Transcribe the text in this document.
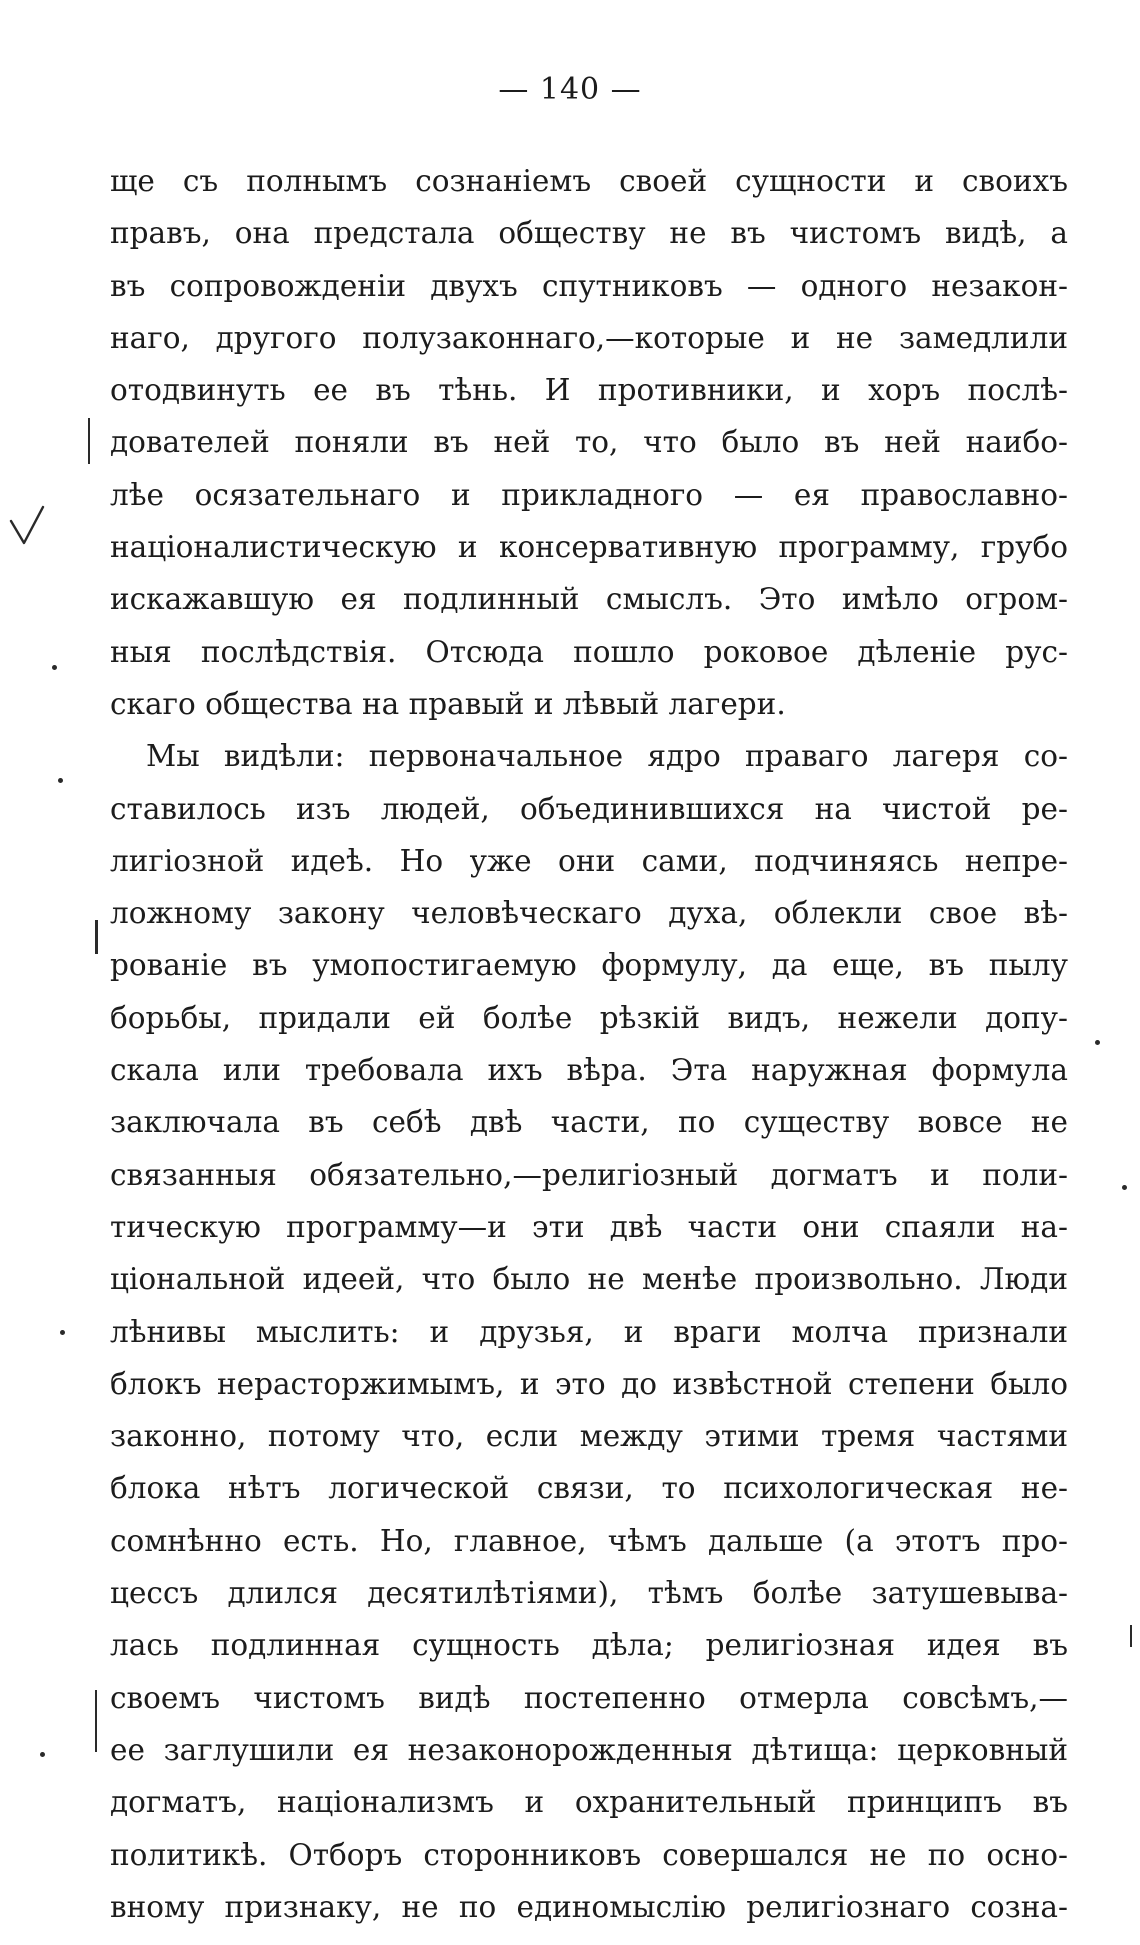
— 140 —
ще съ полнымъ сознаніемъ своей сущности и своихъ
правъ, она предстала обществу не въ чистомъ видѣ, а
въ сопровожденіи двухъ спутниковъ — одного незакон-
наго, другого полузаконнаго,—которые и не замедлили
отодвинуть ее въ тѣнь. И противники, и хоръ послѣ-
дователей поняли въ ней то, что было въ ней наибо-
лѣе осязательнаго и прикладного — ея православно-
націоналистическую и консервативную программу, грубо
искажавшую ея подлинный смыслъ. Это имѣло огром-
ныя послѣдствія. Отсюда пошло роковое дѣленіе рус-
скаго общества на правый и лѣвый лагери.
Мы видѣли: первоначальное ядро праваго лагеря со-
ставилось изъ людей, объединившихся на чистой ре-
лигіозной идеѣ. Но уже они сами, подчиняясь непре-
ложному закону человѣческаго духа, облекли свое вѣ-
рованіе въ умопостигаемую формулу, да еще, въ пылу
борьбы, придали ей болѣе рѣзкій видъ, нежели допу-
скала или требовала ихъ вѣра. Эта наружная формула
заключала въ себѣ двѣ части, по существу вовсе не
связанныя обязательно,—религіозный догматъ и поли-
тическую программу—и эти двѣ части они спаяли на-
ціональной идеей, что было не менѣе произвольно. Люди
лѣнивы мыслить: и друзья, и враги молча признали
блокъ нерасторжимымъ, и это до извѣстной степени было
законно, потому что, если между этими тремя частями
блока нѣтъ логической связи, то психологическая не-
сомнѣнно есть. Но, главное, чѣмъ дальше (а этотъ про-
цессъ длился десятилѣтіями), тѣмъ болѣе затушевыва-
лась подлинная сущность дѣла; религіозная идея въ
своемъ чистомъ видѣ постепенно отмерла совсѣмъ,—
ее заглушили ея незаконорожденныя дѣтища: церковный
догматъ, націонализмъ и охранительный принципъ въ
политикѣ. Отборъ сторонниковъ совершался не по осно-
вному признаку, не по единомыслію религіознаго созна-
